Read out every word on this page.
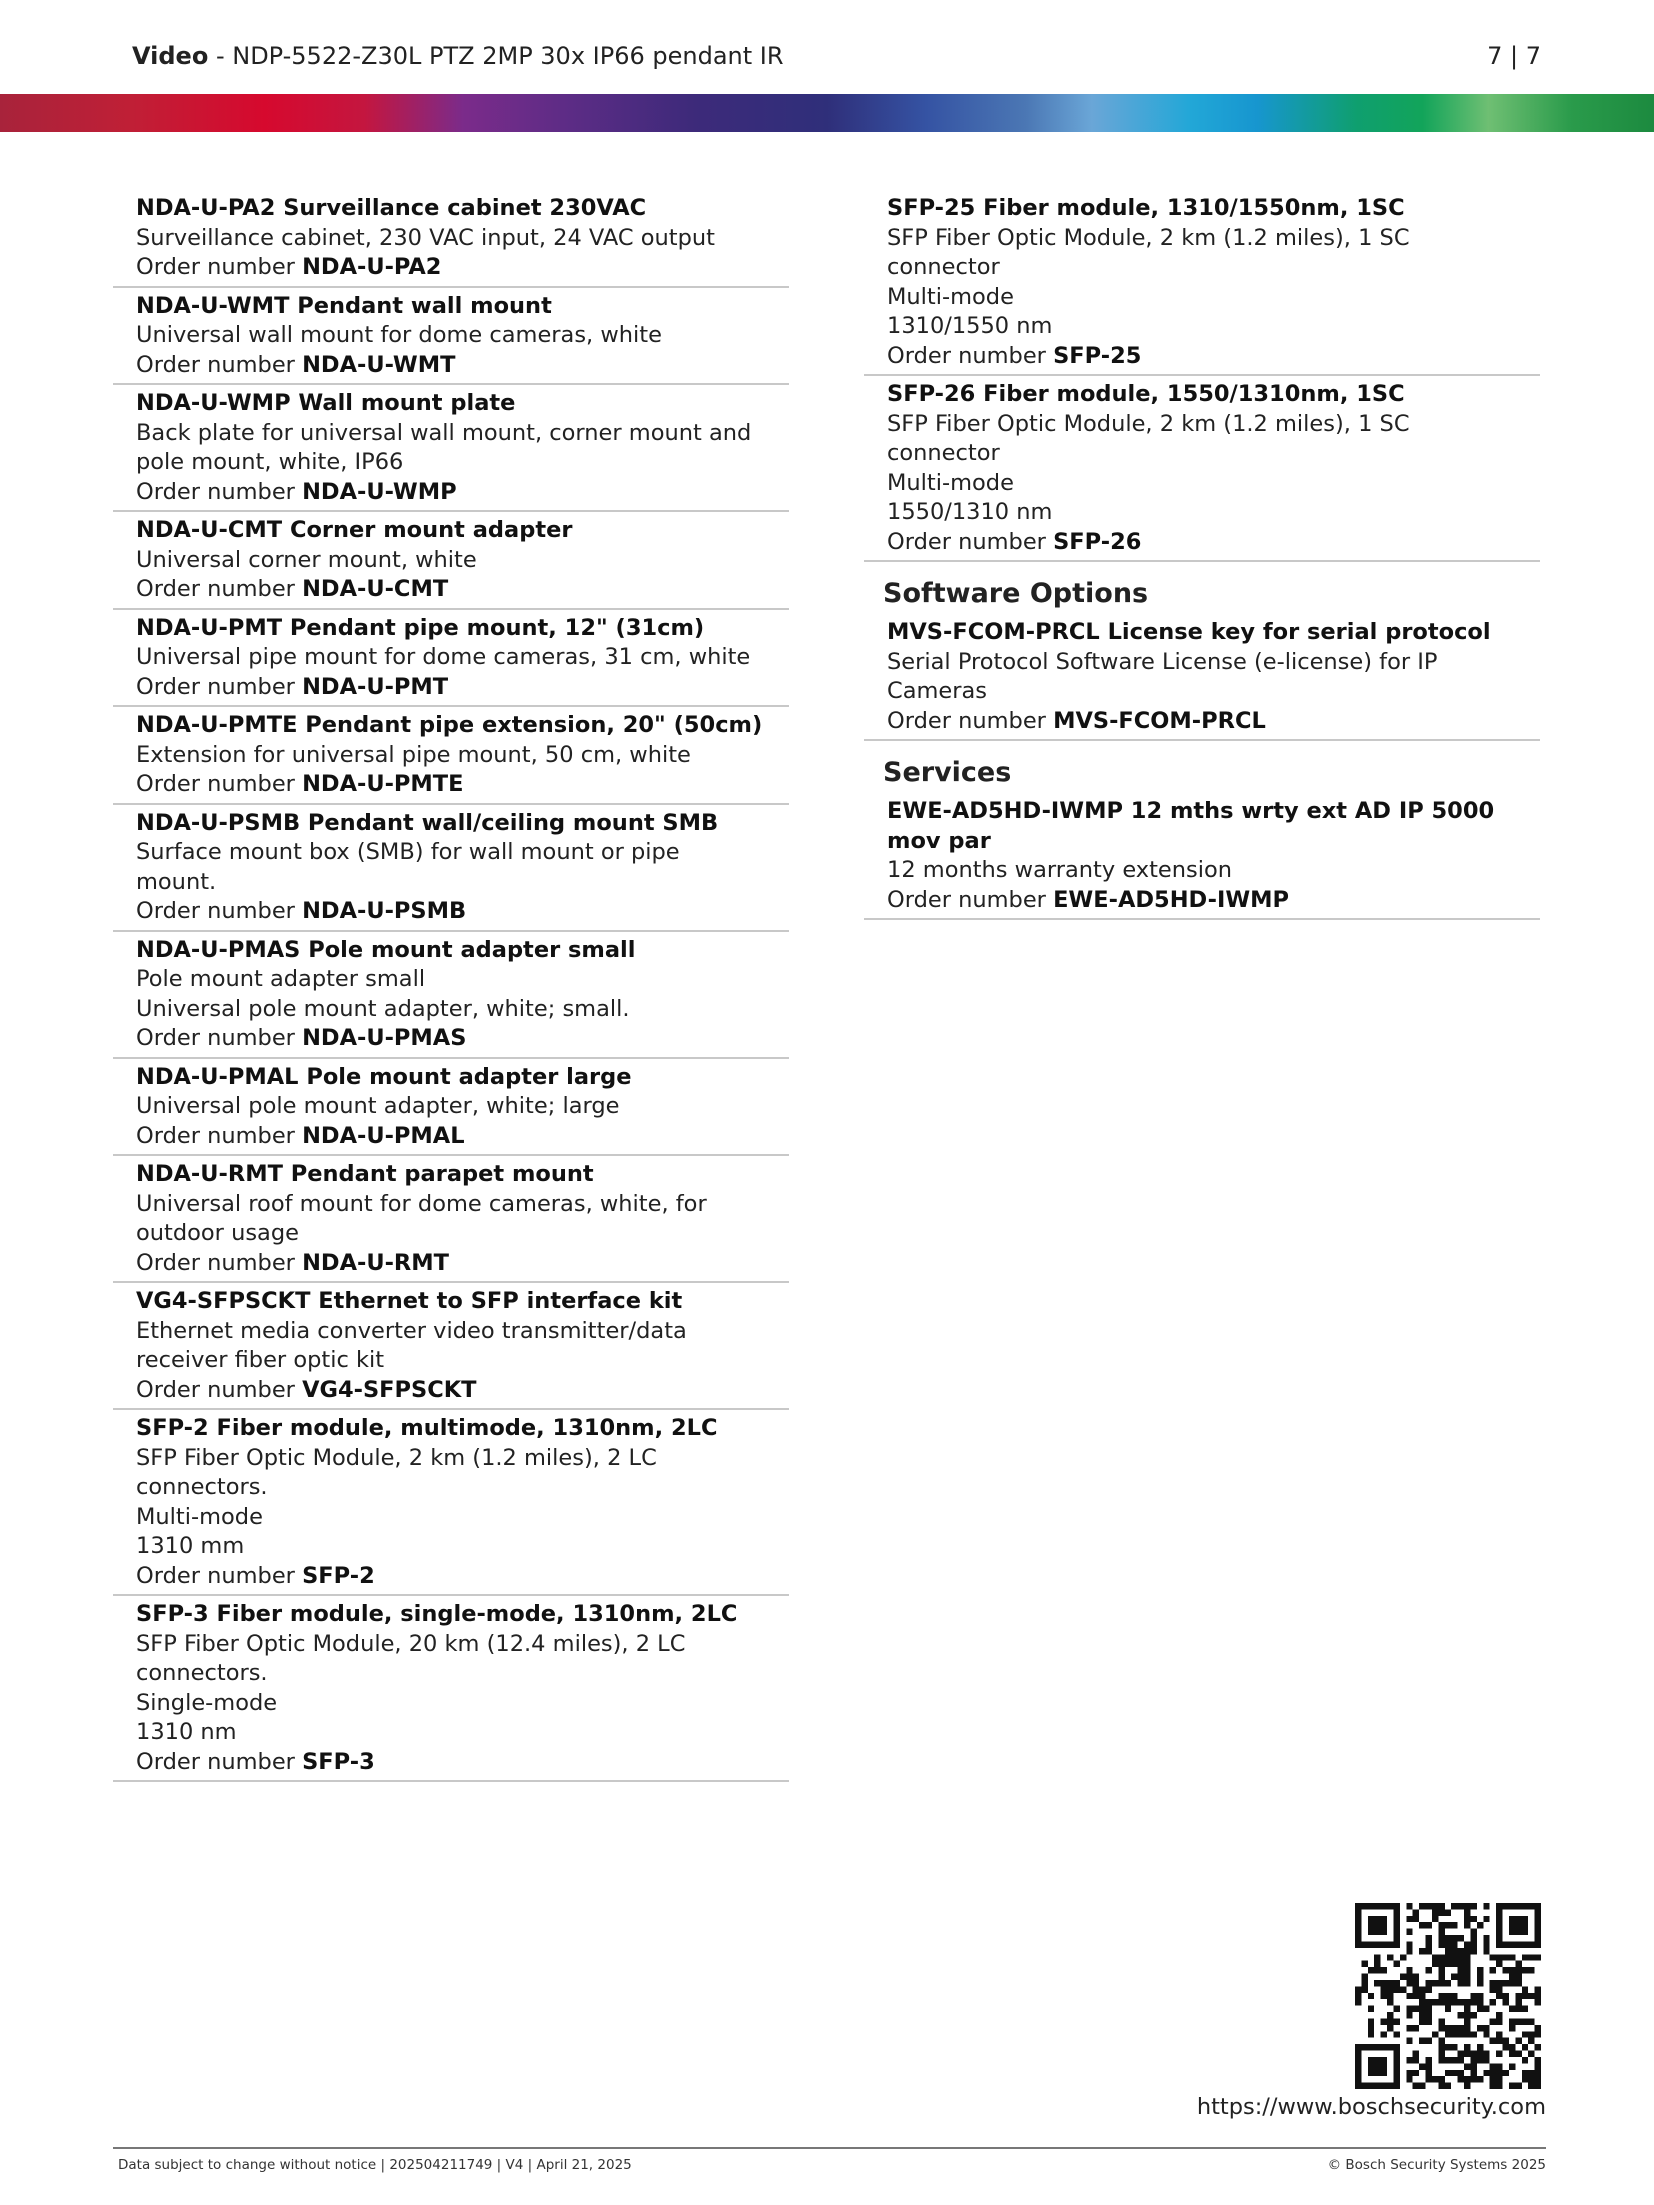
Video - NDP-5522-Z30L PTZ 2MP 30x IP66 pendant IR	7 | 7
NDA-U-PA2 Surveillance cabinet 230VAC
Surveillance cabinet, 230 VAC input, 24 VAC output
Order number NDA-U-PA2
NDA-U-WMT Pendant wall mount
Universal wall mount for dome cameras, white
Order number NDA-U-WMT
NDA-U-WMP Wall mount plate
Back plate for universal wall mount, corner mount and
pole mount, white, IP66
Order number NDA-U-WMP
NDA-U-CMT Corner mount adapter
Universal corner mount, white
Order number NDA-U-CMT
NDA-U-PMT Pendant pipe mount, 12" (31cm)
Universal pipe mount for dome cameras, 31 cm, white
Order number NDA-U-PMT
NDA-U-PMTE Pendant pipe extension, 20" (50cm)
Extension for universal pipe mount, 50 cm, white
Order number NDA-U-PMTE
NDA-U-PSMB Pendant wall/ceiling mount SMB
Surface mount box (SMB) for wall mount or pipe
mount.
Order number NDA-U-PSMB
NDA-U-PMAS Pole mount adapter small
Pole mount adapter small
Universal pole mount adapter, white; small.
Order number NDA-U-PMAS
NDA-U-PMAL Pole mount adapter large
Universal pole mount adapter, white; large
Order number NDA-U-PMAL
NDA-U-RMT Pendant parapet mount
Universal roof mount for dome cameras, white, for
outdoor usage
Order number NDA-U-RMT
VG4-SFPSCKT Ethernet to SFP interface kit
Ethernet media converter video transmitter/data
receiver fiber optic kit
Order number VG4-SFPSCKT
SFP-2 Fiber module, multimode, 1310nm, 2LC
SFP Fiber Optic Module, 2 km (1.2 miles), 2 LC
connectors.
Multi-mode
1310 mm
Order number SFP-2
SFP-3 Fiber module, single-mode, 1310nm, 2LC
SFP Fiber Optic Module, 20 km (12.4 miles), 2 LC
connectors.
Single-mode
1310 nm
Order number SFP-3
SFP-25 Fiber module, 1310/1550nm, 1SC
SFP Fiber Optic Module, 2 km (1.2 miles), 1 SC
connector
Multi-mode
1310/1550 nm
Order number SFP-25
SFP-26 Fiber module, 1550/1310nm, 1SC
SFP Fiber Optic Module, 2 km (1.2 miles), 1 SC
connector
Multi-mode
1550/1310 nm
Order number SFP-26
Software Options
MVS-FCOM-PRCL License key for serial protocol
Serial Protocol Software License (e-license) for IP
Cameras
Order number MVS-FCOM-PRCL
Services
EWE-AD5HD-IWMP 12 mths wrty ext AD IP 5000 mov par
12 months warranty extension
Order number EWE-AD5HD-IWMP
https://www.boschsecurity.com
Data subject to change without notice | 202504211749 | V4 | April 21, 2025	© Bosch Security Systems 2025
